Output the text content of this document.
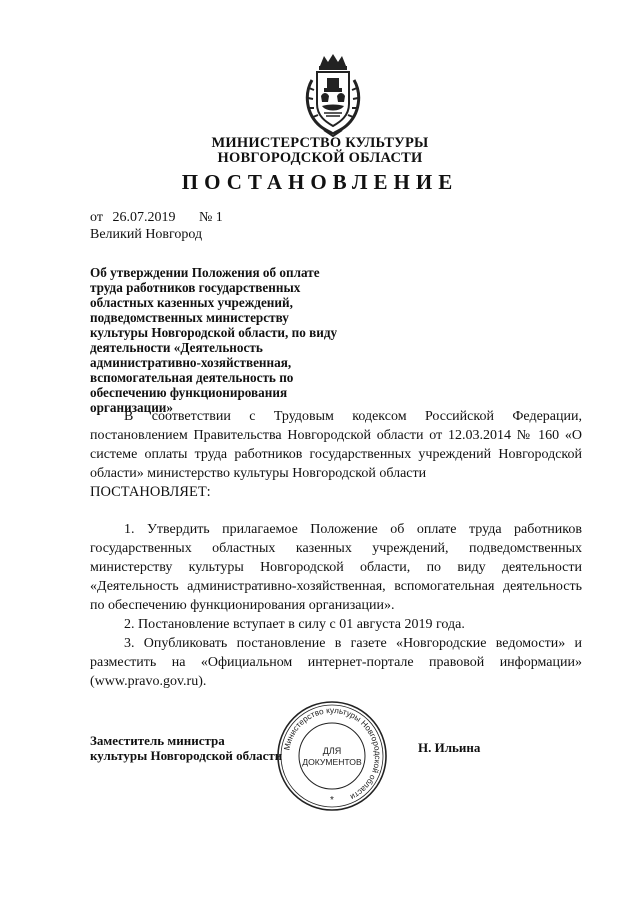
МИНИСТЕРСТВО КУЛЬТУРЫ
НОВГОРОДСКОЙ ОБЛАСТИ
ПОСТАНОВЛЕНИЕ
от 26.07.2019 № 1
Великий Новгород
Об утверждении Положения об оплате
труда работников государственных
областных казенных учреждений,
подведомственных министерству
культуры Новгородской области, по виду
деятельности «Деятельность
административно-хозяйственная,
вспомогательная деятельность по
обеспечению функционирования
организации»

В соответствии с Трудовым кодексом Российской Федерации, постановлением Правительства Новгородской области от 12.03.2014 № 160 «О системе оплаты труда работников государственных учреждений Новгородской области» министерство культуры Новгородской области

ПОСТАНОВЛЯЕТ:

1. Утвердить прилагаемое Положение об оплате труда работников государственных областных казенных учреждений, подведомственных министерству культуры Новгородской области, по виду деятельности «Деятельность административно-хозяйственная, вспомогательная деятельность по обеспечению функционирования организации».

2. Постановление вступает в силу с 01 августа 2019 года.

3. Опубликовать постановление в газете «Новгородские ведомости» и разместить на «Официальном интернет-портале правовой информации» (www.pravo.gov.ru).

Заместитель министра
культуры Новгородской области
Н. Ильина
Министерство культуры Новгородской области
ДЛЯ
ДОКУМЕНТОВ
*
